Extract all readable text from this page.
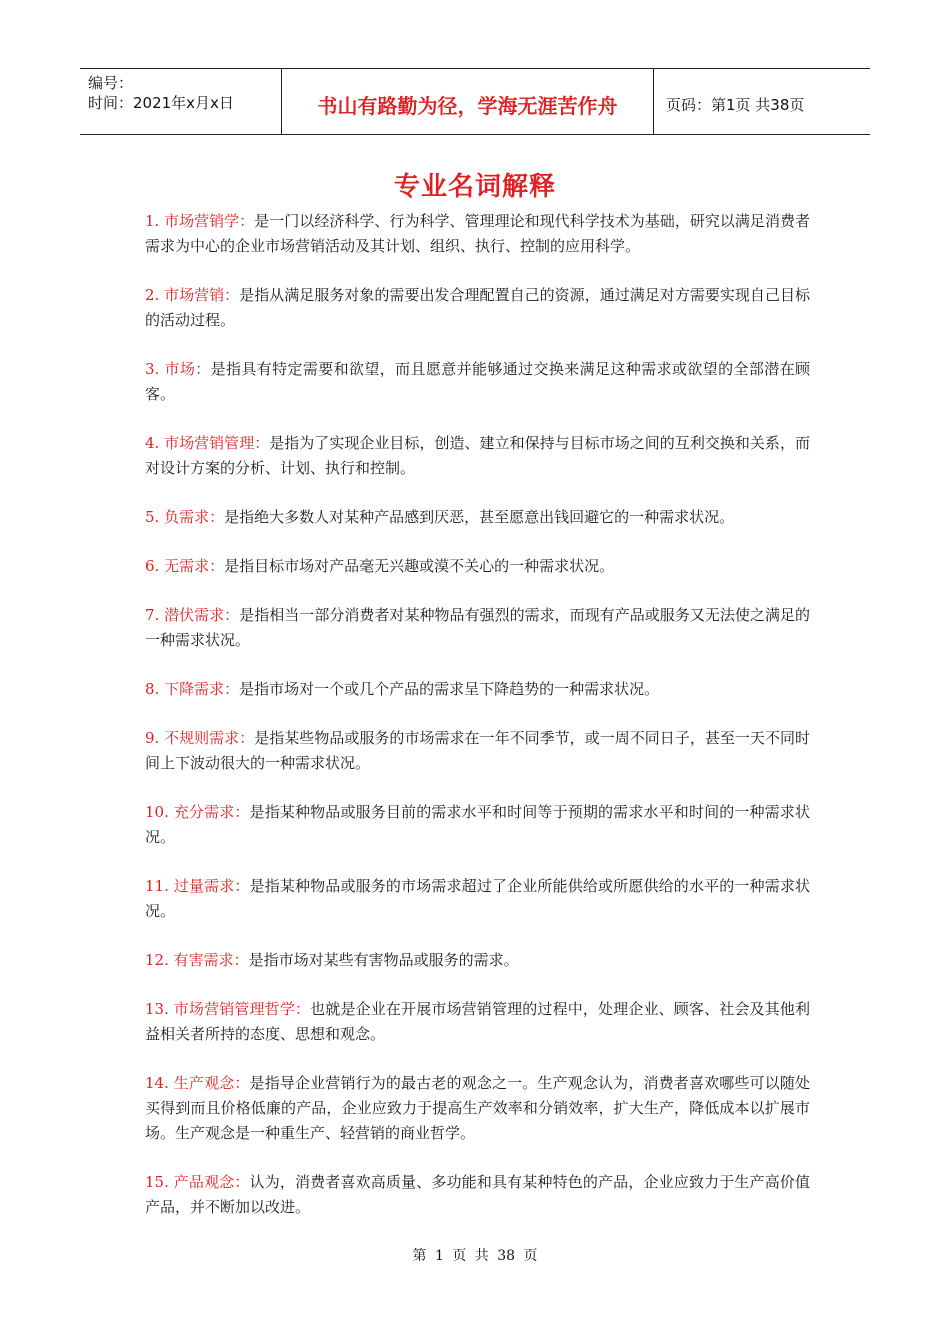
编号：
时间：2021年x月x日	书山有路勤为径，学海无涯苦作舟	页码：第1页 共38页
专业名词解释

1. 市场营销学：是一门以经济科学、行为科学、管理理论和现代科学技术为基础，研究以满足消费者需求为中心的企业市场营销活动及其计划、组织、执行、控制的应用科学。

2. 市场营销：是指从满足服务对象的需要出发合理配置自己的资源，通过满足对方需要实现自己目标的活动过程。

3. 市场：是指具有特定需要和欲望，而且愿意并能够通过交换来满足这种需求或欲望的全部潜在顾客。

4. 市场营销管理：是指为了实现企业目标，创造、建立和保持与目标市场之间的互利交换和关系，而对设计方案的分析、计划、执行和控制。

5. 负需求：是指绝大多数人对某种产品感到厌恶，甚至愿意出钱回避它的一种需求状况。

6. 无需求：是指目标市场对产品毫无兴趣或漠不关心的一种需求状况。

7. 潜伏需求：是指相当一部分消费者对某种物品有强烈的需求，而现有产品或服务又无法使之满足的一种需求状况。

8. 下降需求：是指市场对一个或几个产品的需求呈下降趋势的一种需求状况。

9. 不规则需求：是指某些物品或服务的市场需求在一年不同季节，或一周不同日子，甚至一天不同时间上下波动很大的一种需求状况。

10. 充分需求：是指某种物品或服务目前的需求水平和时间等于预期的需求水平和时间的一种需求状况。

11. 过量需求：是指某种物品或服务的市场需求超过了企业所能供给或所愿供给的水平的一种需求状况。

12. 有害需求：是指市场对某些有害物品或服务的需求。

13. 市场营销管理哲学：也就是企业在开展市场营销管理的过程中，处理企业、顾客、社会及其他利益相关者所持的态度、思想和观念。

14. 生产观念：是指导企业营销行为的最古老的观念之一。生产观念认为，消费者喜欢哪些可以随处买得到而且价格低廉的产品，企业应致力于提高生产效率和分销效率，扩大生产，降低成本以扩展市场。生产观念是一种重生产、轻营销的商业哲学。

15. 产品观念：认为，消费者喜欢高质量、多功能和具有某种特色的产品，企业应致力于生产高价值产品，并不断加以改进。

第 1 页 共 38 页
